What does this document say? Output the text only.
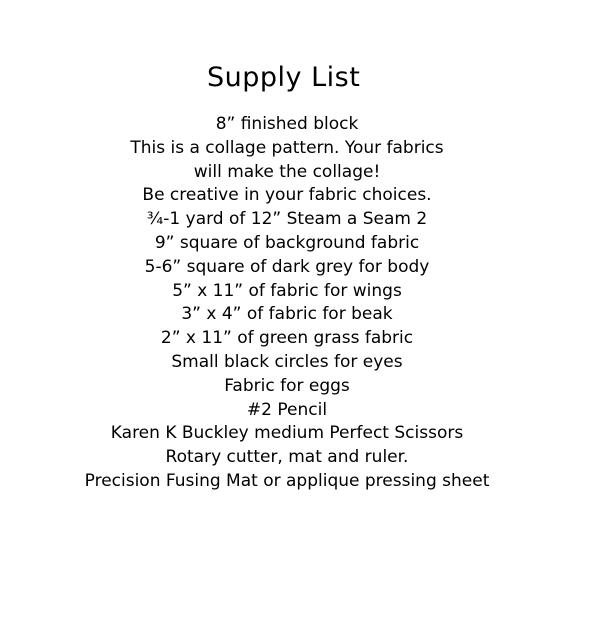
Supply List
8” finished block
This is a collage pattern. Your fabrics
will make the collage!
Be creative in your fabric choices.
¾-1 yard of 12” Steam a Seam 2
9” square of background fabric
5-6” square of dark grey for body
5” x 11” of fabric for wings
3” x 4” of fabric for beak
2” x 11” of green grass fabric
Small black circles for eyes
Fabric for eggs
#2 Pencil
Karen K Buckley medium Perfect Scissors
Rotary cutter, mat and ruler.
Precision Fusing Mat or applique pressing sheet
